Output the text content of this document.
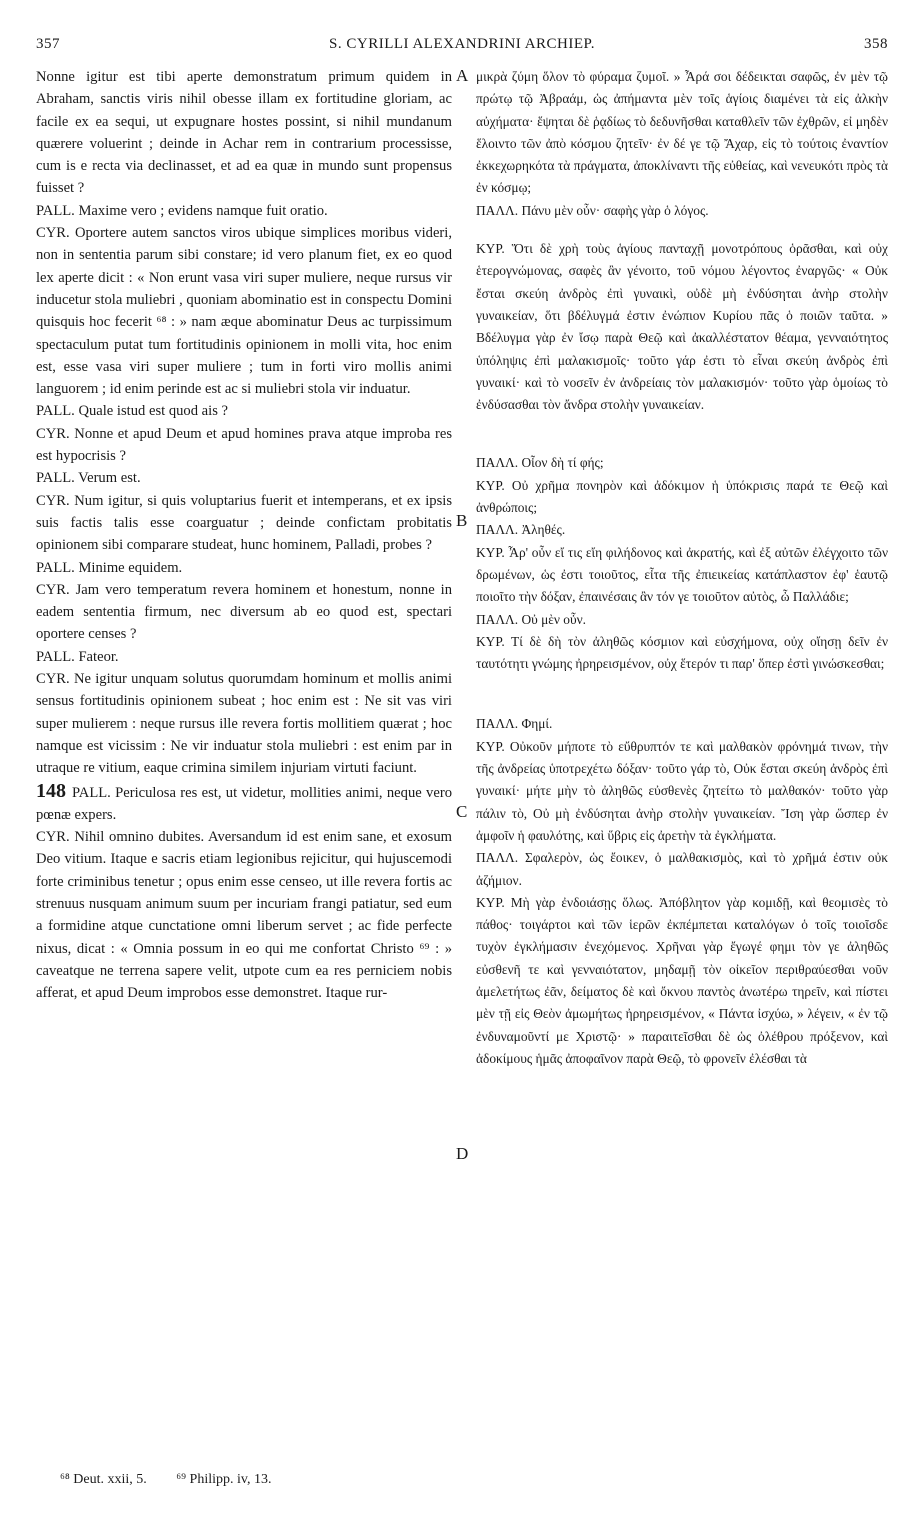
357	S. CYRILLI ALEXANDRINI ARCHIEP.	358
A
B
C
D

Nonne igitur est tibi aperte demonstratum primum quidem in Abraham, sanctis viris nihil obesse illam ex fortitudine gloriam, ac facile ex ea sequi, ut expugnare hostes possint, si nihil mundanum quærere voluerint ; deinde in Achar rem in contrarium processisse, cum is e recta via declinasset, et ad ea quæ in mundo sunt propensus fuisset ?

PALL. Maxime vero ; evidens namque fuit oratio.

CYR. Oportere autem sanctos viros ubique simplices moribus videri, non in sententia parum sibi constare; id vero planum fiet, ex eo quod lex aperte dicit : « Non erunt vasa viri super muliere, neque rursus vir inducetur stola muliebri , quoniam abominatio est in conspectu Domini quisquis hoc fecerit ⁶⁸ : » nam æque abominatur Deus ac turpissimum spectaculum putat tum fortitudinis opinionem in molli vita, hoc enim est, esse vasa viri super muliere ; tum in forti viro mollis animi languorem ; id enim perinde est ac si muliebri stola vir induatur.

PALL. Quale istud est quod ais ?

CYR. Nonne et apud Deum et apud homines prava atque improba res est hypocrisis ?

PALL. Verum est.

CYR. Num igitur, si quis voluptarius fuerit et intemperans, et ex ipsis suis factis talis esse coarguatur ; deinde confictam probitatis opinionem sibi comparare studeat, hunc hominem, Palladi, probes ?

PALL. Minime equidem.

CYR. Jam vero temperatum revera hominem et honestum, nonne in eadem sententia firmum, nec diversum ab eo quod est, spectari oportere censes ?

PALL. Fateor.

CYR. Ne igitur unquam solutus quorumdam hominum et mollis animi sensus fortitudinis opinionem subeat ; hoc enim est : Ne sit vas viri super mulierem : neque rursus ille revera fortis mollitiem quærat ; hoc namque est vicissim : Ne vir induatur stola muliebri : est enim par in utraque re vitium, eaque crimina similem injuriam virtuti faciunt.

148 PALL. Periculosa res est, ut videtur, mollities animi, neque vero pœnæ expers.

CYR. Nihil omnino dubites. Aversandum id est enim sane, et exosum Deo vitium. Itaque e sacris etiam legionibus rejicitur, qui hujuscemodi forte criminibus tenetur ; opus enim esse censeo, ut ille revera fortis ac strenuus nusquam animum suum per incuriam frangi patiatur, sed eum a formidine atque cunctatione omni liberum servet ; ac fide perfecte nixus, dicat : « Omnia possum in eo qui me confortat Christo ⁶⁹ : » caveatque ne terrena sapere velit, utpote cum ea res perniciem nobis afferat, et apud Deum improbos esse demonstret. Itaque rur-

μικρὰ ζύμη ὅλον τὸ φύραμα ζυμοῖ. » Ἆρά σοι δέδεικται σαφῶς, ἐν μὲν τῷ πρώτῳ τῷ Ἀβραάμ, ὡς ἀπήμαντα μὲν τοῖς ἁγίοις διαμένει τὰ εἰς ἀλκὴν αὐχήματα· ἕψηται δὲ ῥᾳδίως τὸ δεδυνῆσθαι καταθλεῖν τῶν ἐχθρῶν, εἰ μηδὲν ἕλοιντο τῶν ἀπὸ κόσμου ζητεῖν· ἐν δέ γε τῷ Ἄχαρ, εἰς τὸ τούτοις ἐναντίον ἐκκεχωρηκότα τὰ πράγματα, ἀποκλίναντι τῆς εὐθείας, καὶ νενευκότι πρὸς τὰ ἐν κόσμῳ;

ΠΑΛΛ. Πάνυ μὲν οὖν· σαφὴς γὰρ ὁ λόγος.

ΚΥΡ. Ὅτι δὲ χρὴ τοὺς ἁγίους πανταχῇ μονοτρόπους ὁρᾶσθαι, καὶ οὐχ ἑτερογνώμονας, σαφὲς ἂν γένοιτο, τοῦ νόμου λέγοντος ἐναργῶς· « Οὐκ ἔσται σκεύη ἀνδρὸς ἐπὶ γυναικὶ, οὐδὲ μὴ ἐνδύσηται ἀνὴρ στολὴν γυναικείαν, ὅτι βδέλυγμά ἐστιν ἐνώπιον Κυρίου πᾶς ὁ ποιῶν ταῦτα. » Βδέλυγμα γὰρ ἐν ἴσῳ παρὰ Θεῷ καὶ ἀκαλλέστατον θέαμα, γενναιότητος ὑπόληψις ἐπὶ μαλακισμοῖς· τοῦτο γάρ ἐστι τὸ εἶναι σκεύη ἀνδρὸς ἐπὶ γυναικί· καὶ τὸ νοσεῖν ἐν ἀνδρείαις τὸν μαλακισμόν· τοῦτο γὰρ ὁμοίως τὸ ἐνδύσασθαι τὸν ἄνδρα στολὴν γυναικείαν.

ΠΑΛΛ. Οἷον δὴ τί φής;

ΚΥΡ. Οὐ χρῆμα πονηρὸν καὶ ἀδόκιμον ἡ ὑπόκρισις παρά τε Θεῷ καὶ ἀνθρώποις;

ΠΑΛΛ. Ἀληθές.

ΚΥΡ. Ἆρ' οὖν εἴ τις εἴη φιλήδονος καὶ ἀκρατής, καὶ ἐξ αὐτῶν ἐλέγχοιτο τῶν δρωμένων, ὡς ἐστι τοιοῦτος, εἶτα τῆς ἐπιεικείας κατάπλαστον ἐφ' ἑαυτῷ ποιοῖτο τὴν δόξαν, ἐπαινέσαις ἂν τόν γε τοιοῦτον αὐτὸς, ὦ Παλλάδιε;

ΠΑΛΛ. Οὐ μὲν οὖν.

ΚΥΡ. Τί δὲ δὴ τὸν ἀληθῶς κόσμιον καὶ εὐσχήμονα, οὐχ οἴησῃ δεῖν ἐν ταυτότητι γνώμης ἠρηρεισμένον, οὐχ ἕτερόν τι παρ' ὅπερ ἐστὶ γινώσκεσθαι;

ΠΑΛΛ. Φημί.

ΚΥΡ. Οὐκοῦν μήποτε τὸ εὔθρυπτόν τε καὶ μαλθακὸν φρόνημά τινων, τὴν τῆς ἀνδρείας ὑποτρεχέτω δόξαν· τοῦτο γάρ τὸ, Οὐκ ἔσται σκεύη ἀνδρὸς ἐπὶ γυναικί· μήτε μὴν τὸ ἀληθῶς εὐσθενὲς ζητείτω τὸ μαλθακόν· τοῦτο γὰρ πάλιν τὸ, Οὐ μὴ ἐνδύσηται ἀνὴρ στολὴν γυναικείαν. Ἴση γὰρ ὥσπερ ἐν ἀμφοῖν ἡ φαυλότης, καὶ ὕβρις εἰς ἀρετὴν τὰ ἐγκλήματα.

ΠΑΛΛ. Σφαλερὸν, ὡς ἔοικεν, ὁ μαλθακισμὸς, καὶ τὸ χρῆμά ἐστιν οὐκ ἀζήμιον.

ΚΥΡ. Μὴ γὰρ ἐνδοιάσῃς ὅλως. Ἀπόβλητον γὰρ κομιδῇ, καὶ θεομισὲς τὸ πάθος· τοιγάρτοι καὶ τῶν ἱερῶν ἐκπέμπεται καταλόγων ὁ τοῖς τοιοῖσδε τυχὸν ἐγκλήμασιν ἐνεχόμενος. Χρῆναι γὰρ ἔγωγέ φημι τὸν γε ἀληθῶς εὐσθενῆ τε καὶ γενναιότατον, μηδαμῇ τὸν οἰκεῖον περιθραύεσθαι νοῦν ἀμελετήτως ἐᾶν, δείματος δὲ καὶ ὄκνου παντὸς ἀνωτέρω τηρεῖν, καὶ πίστει μὲν τῇ εἰς Θεὸν ἀμωμήτως ἠρηρεισμένον, « Πάντα ἰσχύω, » λέγειν, « ἐν τῷ ἐνδυναμοῦντί με Χριστῷ· » παραιτεῖσθαι δὲ ὡς ὀλέθρου πρόξενον, καὶ ἀδοκίμους ἡμᾶς ἀποφαῖνον παρὰ Θεῷ, τὸ φρονεῖν ἐλέσθαι τὰ

⁶⁸ Deut. xxii, 5. ⁶⁹ Philipp. iv, 13.
